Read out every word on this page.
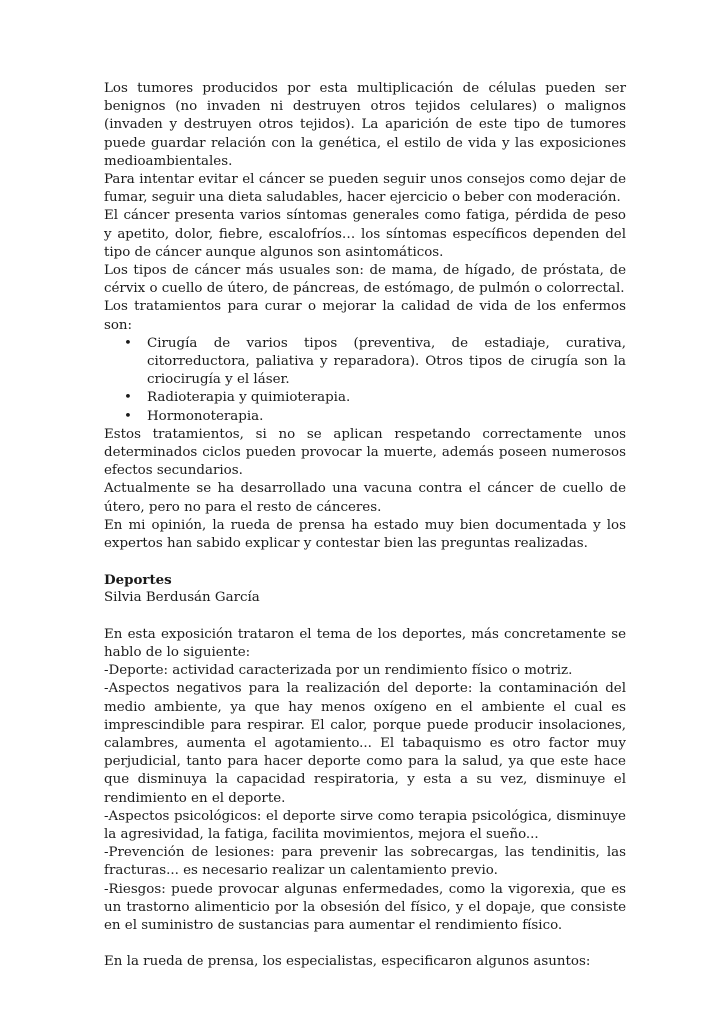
Los tumores producidos por esta multiplicación de células pueden ser benignos (no invaden ni destruyen otros tejidos celulares) o malignos (invaden y destruyen otros tejidos). La aparición de este tipo de tumores puede guardar relación con la genética, el estilo de vida y las exposiciones medioambientales.

Para intentar evitar el cáncer se pueden seguir unos consejos como dejar de fumar, seguir una dieta saludables, hacer ejercicio o beber con moderación.

El cáncer presenta varios síntomas generales como fatiga, pérdida de peso y apetito, dolor, fiebre, escalofríos… los síntomas específicos dependen del tipo de cáncer aunque algunos son asintomáticos.

Los tipos de cáncer más usuales son: de mama, de hígado, de próstata, de cérvix o cuello de útero, de páncreas, de estómago, de pulmón o colorrectal.

Los tratamientos para curar o mejorar la calidad de vida de los enfermos son:

• Cirugía de varios tipos (preventiva, de estadiaje, curativa, citorreductora, paliativa y reparadora). Otros tipos de cirugía son la criocirugía y el láser.
• Radioterapia y quimioterapia.
• Hormonoterapia.

Estos tratamientos, si no se aplican respetando correctamente unos determinados ciclos pueden provocar la muerte, además poseen numerosos efectos secundarios.

Actualmente se ha desarrollado una vacuna contra el cáncer de cuello de útero, pero no para el resto de cánceres.

En mi opinión, la rueda de prensa ha estado muy bien documentada y los expertos han sabido explicar y contestar bien las preguntas realizadas.

Deportes

Silvia Berdusán García

En esta exposición trataron el tema de los deportes, más concretamente se hablo de lo siguiente:

-Deporte: actividad caracterizada por un rendimiento físico o motriz.

-Aspectos negativos para la realización del deporte: la contaminación del medio ambiente, ya que hay menos oxígeno en el ambiente el cual es imprescindible para respirar. El calor, porque puede producir insolaciones, calambres, aumenta el agotamiento... El tabaquismo es otro factor muy perjudicial, tanto para hacer deporte como para la salud, ya que este hace que disminuya la capacidad respiratoria, y esta a su vez, disminuye el rendimiento en el deporte.

-Aspectos psicológicos: el deporte sirve como terapia psicológica, disminuye la agresividad, la fatiga, facilita movimientos, mejora el sueño...

-Prevención de lesiones: para prevenir las sobrecargas, las tendinitis, las fracturas... es necesario realizar un calentamiento previo.

-Riesgos: puede provocar algunas enfermedades, como la vigorexia, que es un trastorno alimenticio por la obsesión del físico, y el dopaje, que consiste en el suministro de sustancias para aumentar el rendimiento físico.

En la rueda de prensa, los especialistas, especificaron algunos asuntos:
